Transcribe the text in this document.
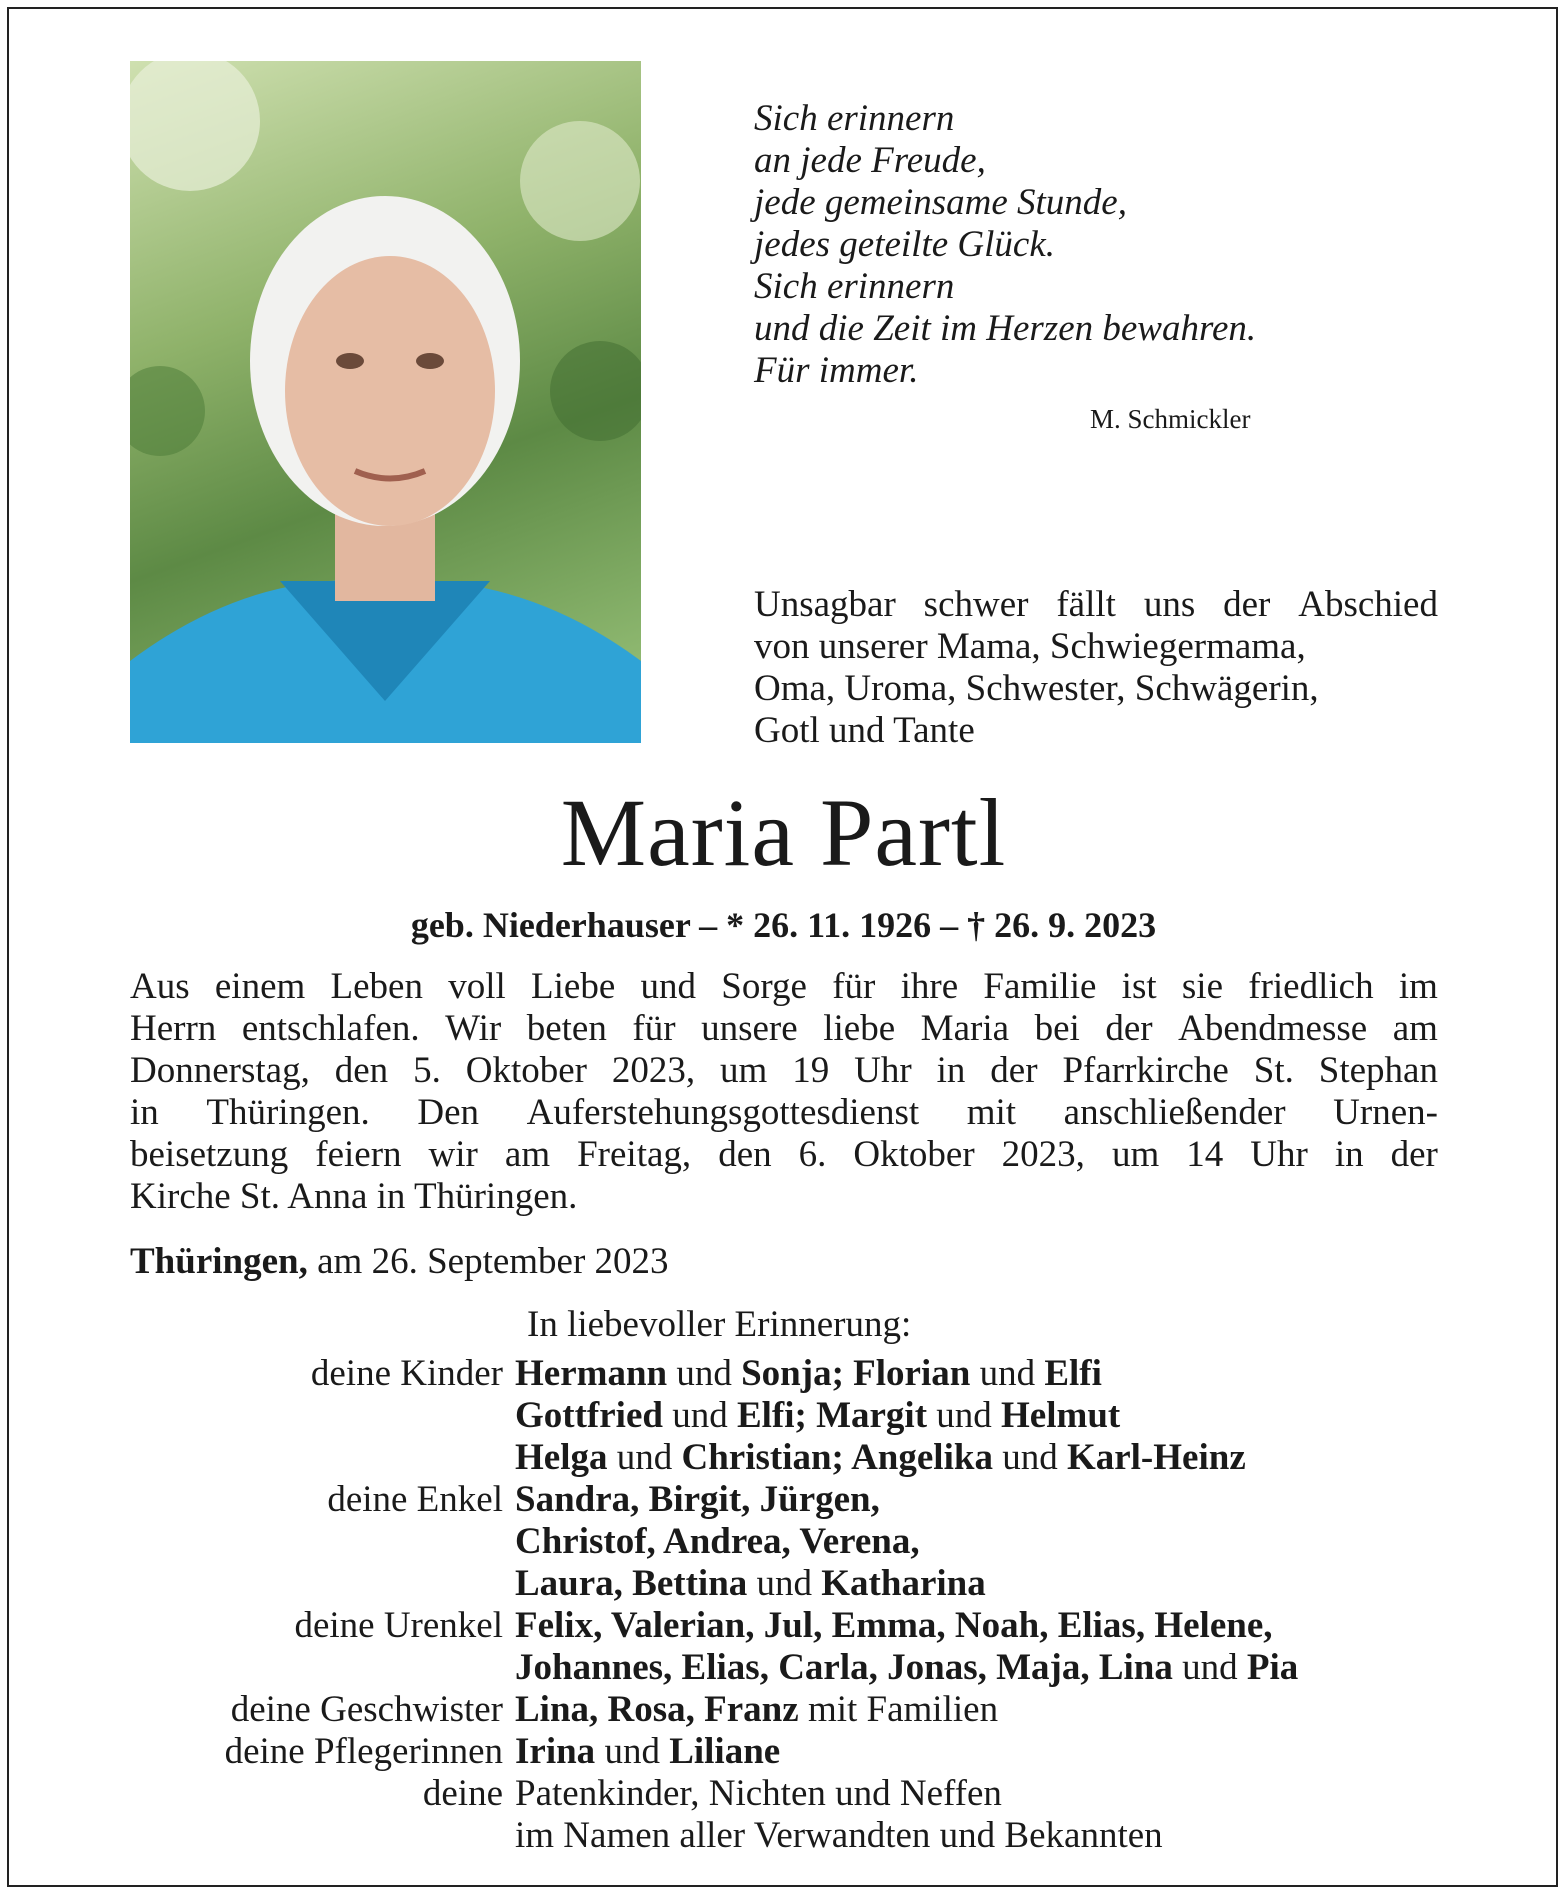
Sich erinnern
an jede Freude,
jede gemeinsame Stunde,
jedes geteilte Glück.
Sich erinnern
und die Zeit im Herzen bewahren.
Für immer.
M. Schmickler
Unsagbar schwer fällt uns der Abschied
von unserer Mama, Schwiegermama,
Oma, Uroma, Schwester, Schwägerin,
Gotl und Tante
Maria Partl
geb. Niederhauser – * 26. 11. 1926 – † 26. 9. 2023
Aus einem Leben voll Liebe und Sorge für ihre Familie ist sie friedlich im
Herrn entschlafen. Wir beten für unsere liebe Maria bei der Abendmesse am
Donnerstag, den 5. Oktober 2023, um 19 Uhr in der Pfarrkirche St. Stephan
in Thüringen. Den Auferstehungsgottesdienst mit anschließender Urnen-
beisetzung feiern wir am Freitag, den 6. Oktober 2023, um 14 Uhr in der
Kirche St. Anna in Thüringen.
Thüringen, am 26. September 2023
In liebevoller Erinnerung:
deine Kinder Hermann und Sonja; Florian und Elfi
Gottfried und Elfi; Margit und Helmut
Helga und Christian; Angelika und Karl-Heinz
deine Enkel Sandra, Birgit, Jürgen,
Christof, Andrea, Verena,
Laura, Bettina und Katharina
deine Urenkel Felix, Valerian, Jul, Emma, Noah, Elias, Helene,
Johannes, Elias, Carla, Jonas, Maja, Lina und Pia
deine Geschwister Lina, Rosa, Franz mit Familien
deine Pflegerinnen Irina und Liliane
deine Patenkinder, Nichten und Neffen
im Namen aller Verwandten und Bekannten
